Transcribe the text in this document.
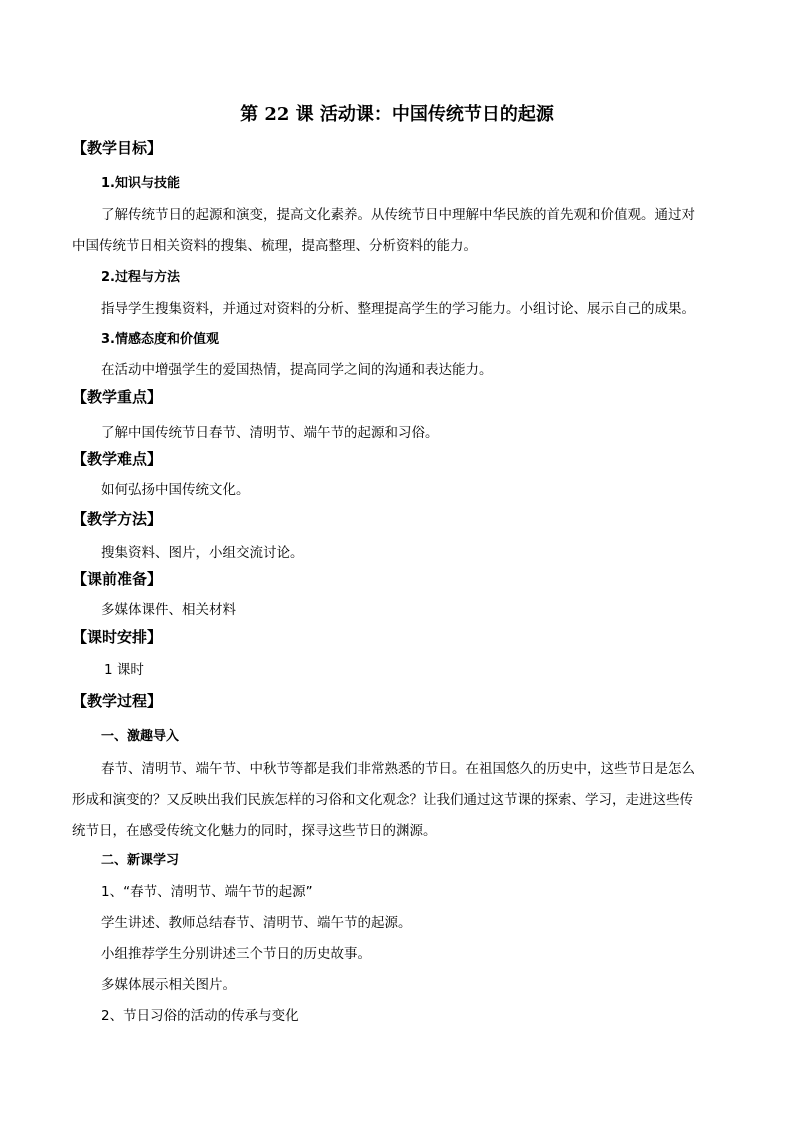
第 22 课 活动课：中国传统节日的起源
【教学目标】
1.知识与技能
了解传统节日的起源和演变，提高文化素养。从传统节日中理解中华民族的首先观和价值观。通过对
中国传统节日相关资料的搜集、梳理，提高整理、分析资料的能力。
2.过程与方法
指导学生搜集资料，并通过对资料的分析、整理提高学生的学习能力。小组讨论、展示自己的成果。
3.情感态度和价值观
在活动中增强学生的爱国热情，提高同学之间的沟通和表达能力。
【教学重点】
了解中国传统节日春节、清明节、端午节的起源和习俗。
【教学难点】
如何弘扬中国传统文化。
【教学方法】
搜集资料、图片，小组交流讨论。
【课前准备】
多媒体课件、相关材料
【课时安排】
1 课时
【教学过程】
一、激趣导入
春节、清明节、端午节、中秋节等都是我们非常熟悉的节日。在祖国悠久的历史中，这些节日是怎么
形成和演变的？又反映出我们民族怎样的习俗和文化观念？让我们通过这节课的探索、学习，走进这些传
统节日，在感受传统文化魅力的同时，探寻这些节日的渊源。
二、新课学习
1、“春节、清明节、端午节的起源”
学生讲述、教师总结春节、清明节、端午节的起源。
小组推荐学生分别讲述三个节日的历史故事。
多媒体展示相关图片。
2、节日习俗的活动的传承与变化
